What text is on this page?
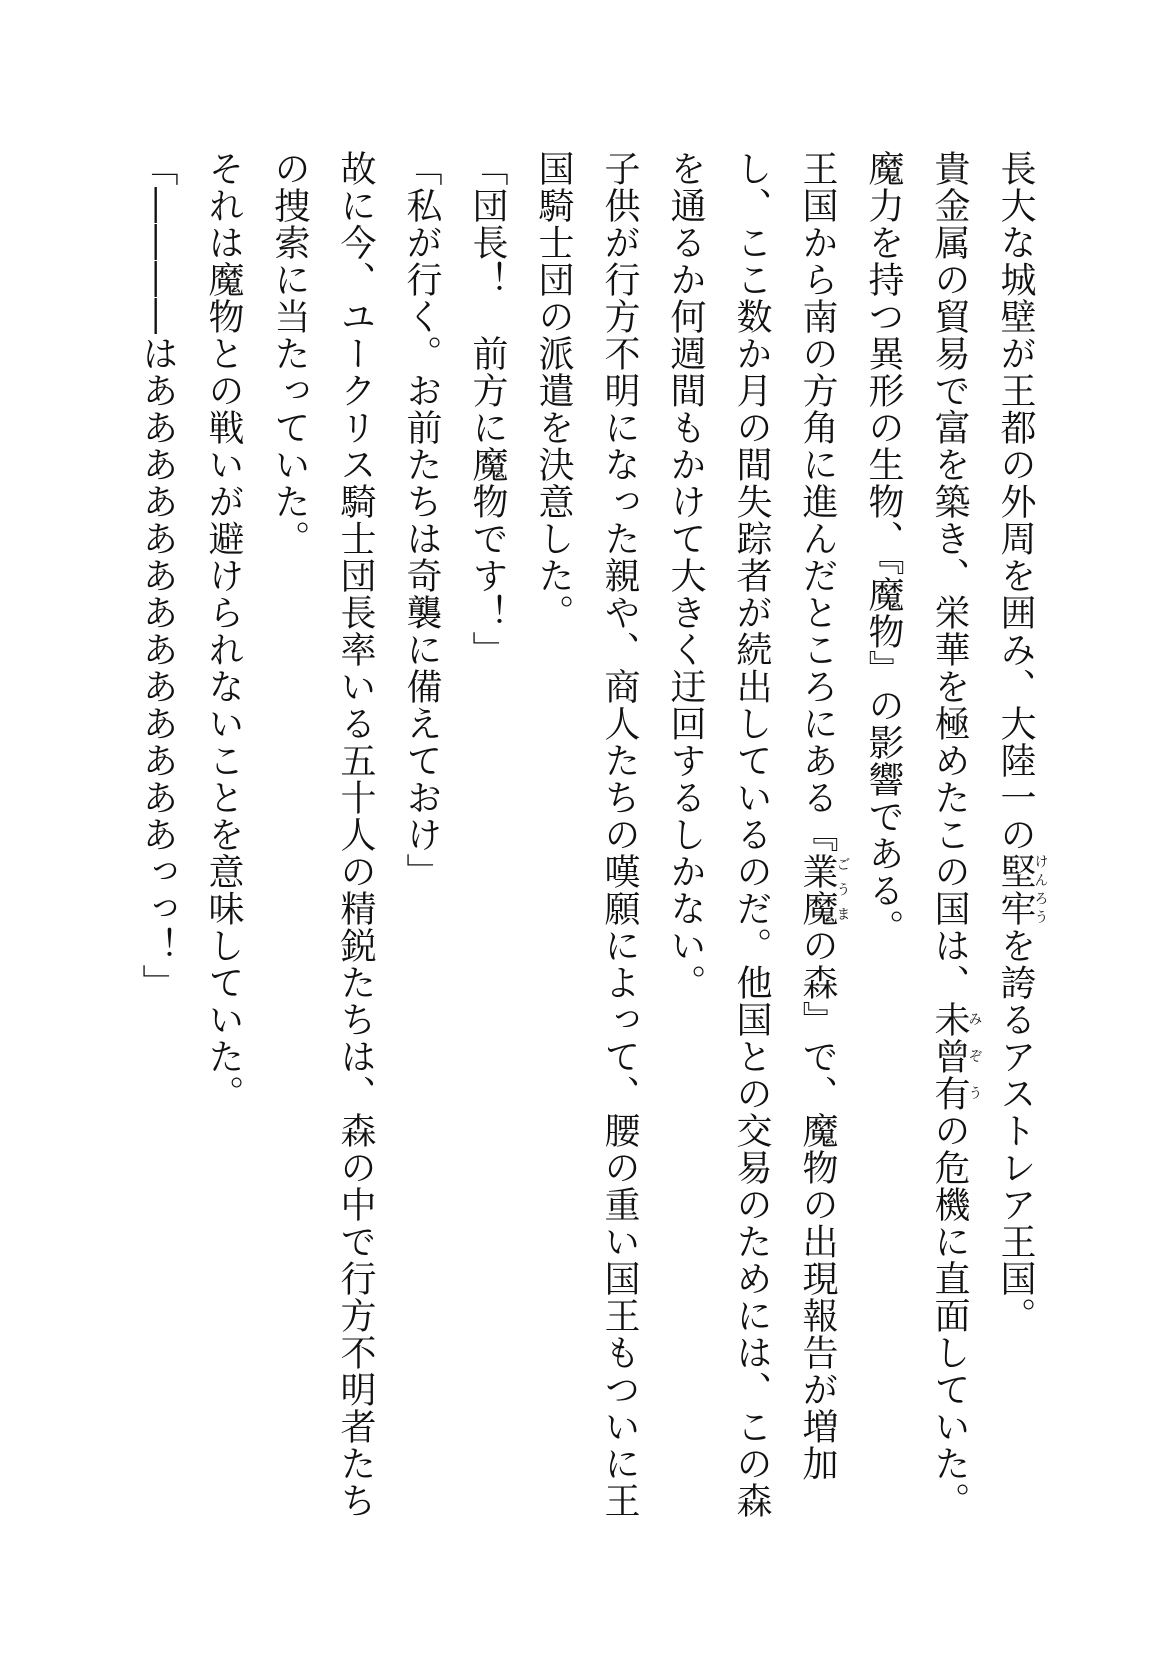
長大な城壁が王都の外周を囲み、大陸一の堅牢けんろうを誇るアストレア王国。

貴金属の貿易で富を築き、栄華を極めたこの国は、未曾有みぞうの危機に直面していた。

魔力を持つ異形の生物、『魔物』の影響である。

王国から南の方角に進んだところにある『業魔ごうまの森』で、魔物の出現報告が増加し、ここ数か月の間失踪者が続出しているのだ。他国との交易のためには、この森を通るか何週間もかけて大きく迂回するしかない。

子供が行方不明になった親や、商人たちの嘆願によって、腰の重い国王もついに王国騎士団の派遣を決意した。

「団長！　前方に魔物です！」

「私が行く。お前たちは奇襲に備えておけ」

故に今、ユークリス騎士団長率いる五十人の精鋭たちは、森の中で行方不明者たちの捜索に当たっていた。

それは魔物との戦いが避けられないことを意味していた。

「――――はあああああああああああああっっ！」
